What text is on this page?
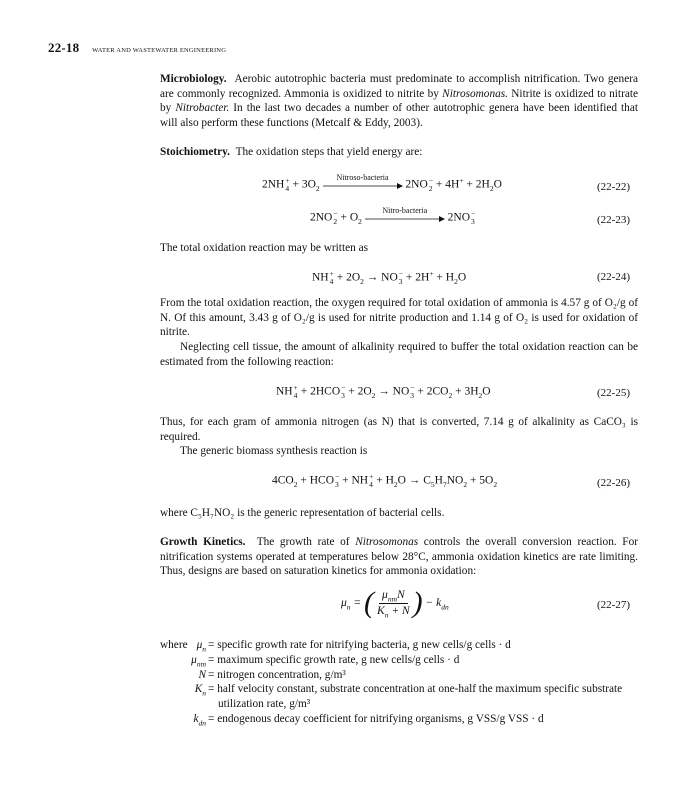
22-18 WATER AND WASTEWATER ENGINEERING

Microbiology. Aerobic autotrophic bacteria must predominate to accomplish nitrification. Two genera are commonly recognized. Ammonia is oxidized to nitrite by Nitrosomonas. Nitrite is oxidized to nitrate by Nitrobacter. In the last two decades a number of other autotrophic genera have been identified that will also perform these functions (Metcalf & Eddy, 2003).

Stoichiometry. The oxidation steps that yield energy are:

2NH +
$4 + 3O_2$
Nitroso-bacteria
2NO −
$2 + 4H^+ + 2H_2O$	(22-22)
2NO −
$2 + O_2$
Nitro-bacteria
2NO −
3	(22-23)

The total oxidation reaction may be written as

NH +
$4 + 2O_2$ → NO −
$3 + 2H^+ + H_2O$	(22-24)

From the total oxidation reaction, the oxygen required for total oxidation of ammonia is 4.57 g of O₂/g of N. Of this amount, 3.43 g of O₂/g is used for nitrite production and 1.14 g of O₂ is used for oxidation of nitrite.

Neglecting cell tissue, the amount of alkalinity required to buffer the total oxidation reaction can be estimated from the following reaction:

NH +
4 + 2HCO −
$3 + 2O_2$ → NO −
$3 + 2CO_2 + 3H_2O$	(22-25)

Thus, for each gram of ammonia nitrogen (as N) that is converted, 7.14 g of alkalinity as CaCO₃ is required.

The generic biomass synthesis reaction is

$4CO_2$ + HCO −
3 + NH +
$4 + H_2O \to C_5H_7NO_2 + 5O_2$	(22-26)

where C₅H₇NO₂ is the generic representation of bacterial cells.

Growth Kinetics. The growth rate of Nitrosomonas controls the overall conversion reaction. For nitrification systems operated at temperatures below 28°C, ammonia oxidation kinetics are rate limiting. Thus, designs are based on saturation kinetics for ammonia oxidation:

$\mu_n$ = ( $\frac{\mu_{nm}N}{K_n + N}$ ) − $k_{dn}$	(22-27)
where $\mu_n$ = specific growth rate for nitrifying bacteria, g new cells/g cells · d
$\mu_{nm}$ = maximum specific growth rate, g new cells/g cells · d
N = nitrogen concentration, g/m³
$K_n$ = half velocity constant, substrate concentration at one-half the maximum specific substrate utilization rate, g/m³
$k_{dn}$ = endogenous decay coefficient for nitrifying organisms, g VSS/g VSS · d
